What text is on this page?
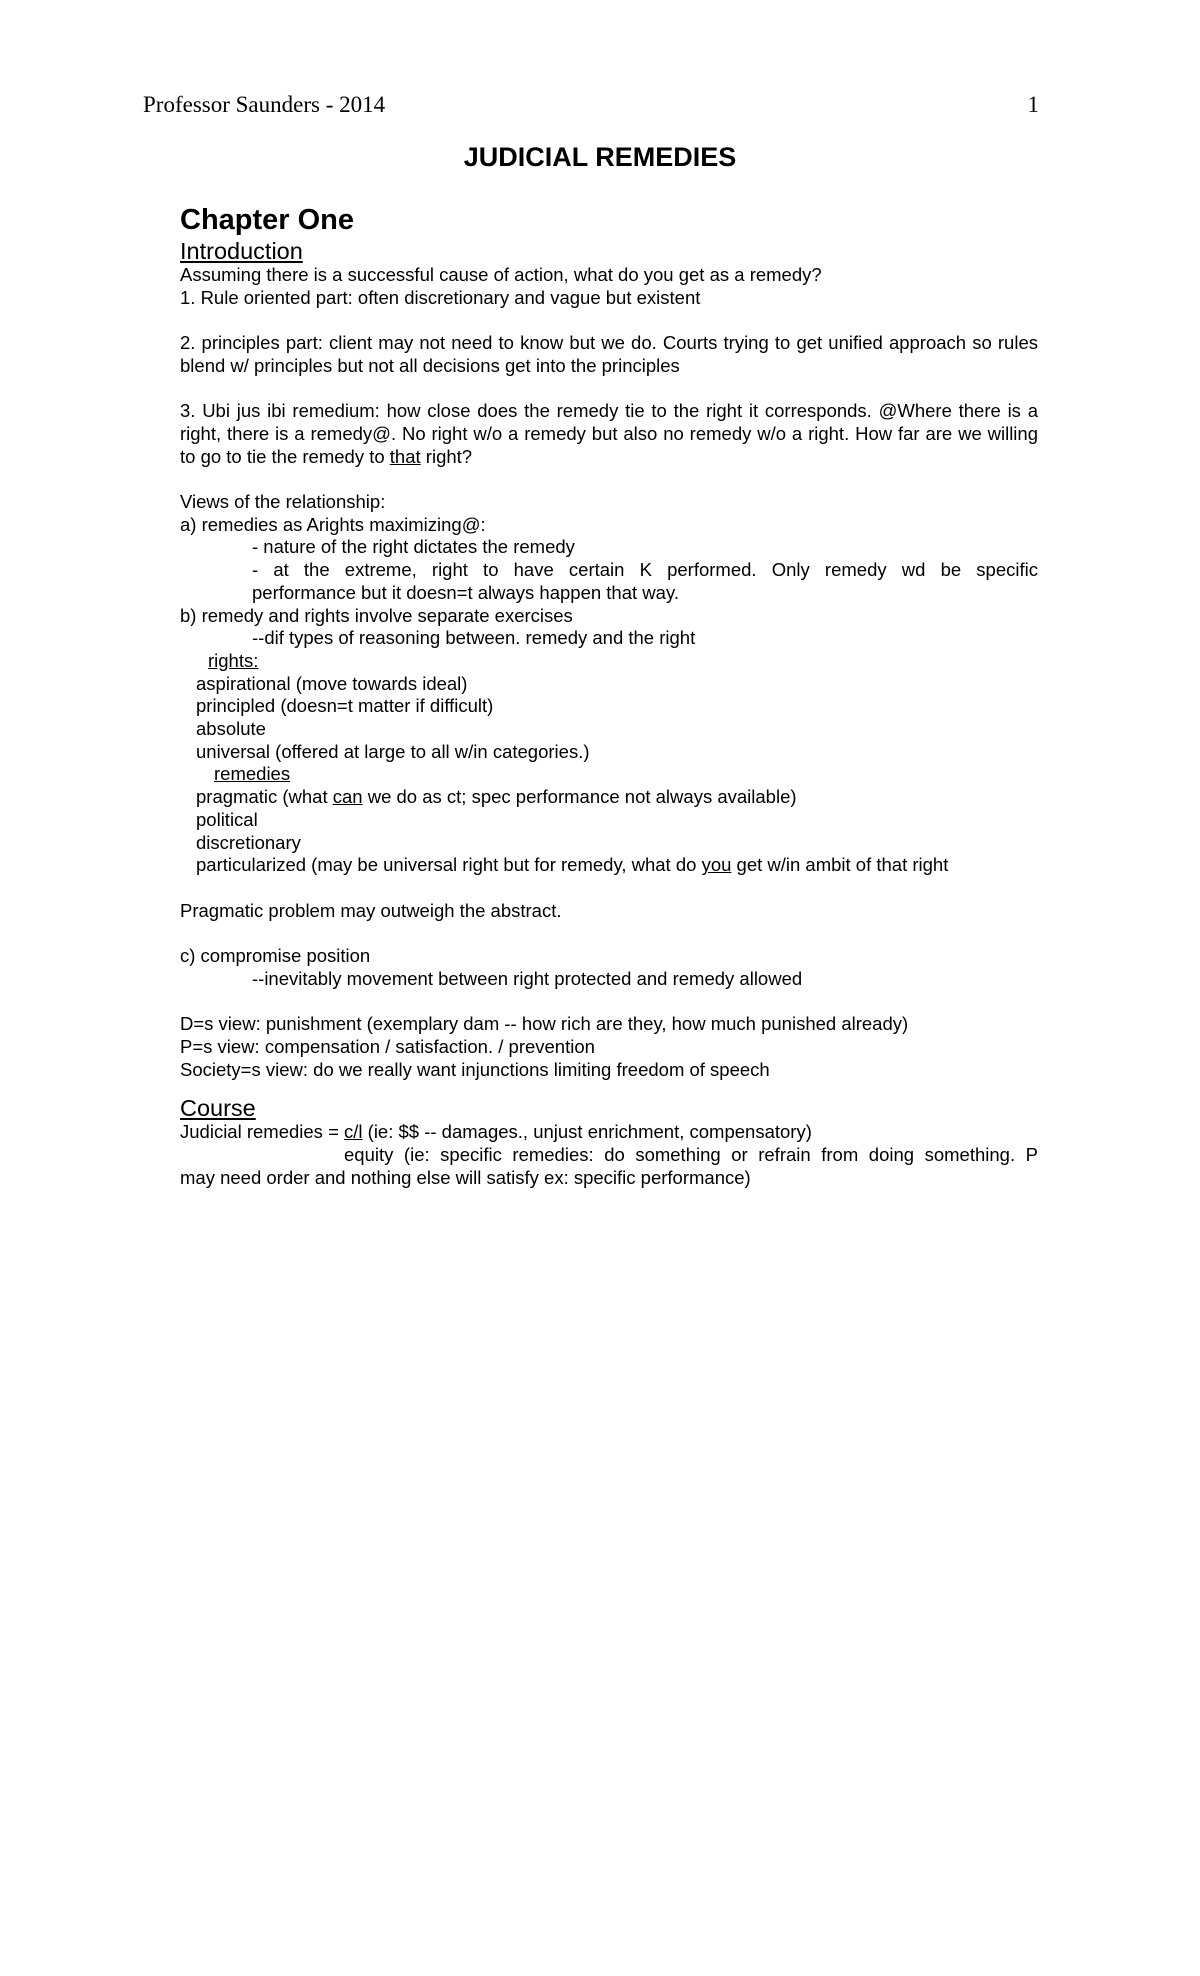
Professor Saunders - 2014	1
JUDICIAL REMEDIES
Chapter One
Introduction

Assuming there is a successful cause of action, what do you get as a remedy?

1. Rule oriented part: often discretionary and vague but existent

2. principles part: client may not need to know but we do. Courts trying to get unified approach so rules blend w/ principles but not all decisions get into the principles

3. Ubi jus ibi remedium: how close does the remedy tie to the right it corresponds. @Where there is a right, there is a remedy@. No right w/o a remedy but also no remedy w/o a right. How far are we willing to go to tie the remedy to that right?

Views of the relationship:

a) remedies as Arights maximizing@:

- nature of the right dictates the remedy

- at the extreme, right to have certain K performed. Only remedy wd be specific

performance but it doesn=t always happen that way.

b) remedy and rights involve separate exercises

--dif types of reasoning between. remedy and the right

rights:

aspirational (move towards ideal)

principled (doesn=t matter if difficult)

absolute

universal (offered at large to all w/in categories.)

remedies

pragmatic (what can we do as ct; spec performance not always available)

political

discretionary

particularized (may be universal right but for remedy, what do you get w/in ambit of that right

Pragmatic problem may outweigh the abstract.

c) compromise position

--inevitably movement between right protected and remedy allowed

D=s view: punishment (exemplary dam -- how rich are they, how much punished already)

P=s view: compensation / satisfaction. / prevention

Society=s view: do we really want injunctions limiting freedom of speech

Course

Judicial remedies = c/l (ie: $$ -- damages., unjust enrichment, compensatory)

equity (ie: specific remedies: do something or refrain from doing something. P

may need order and nothing else will satisfy ex: specific performance)
